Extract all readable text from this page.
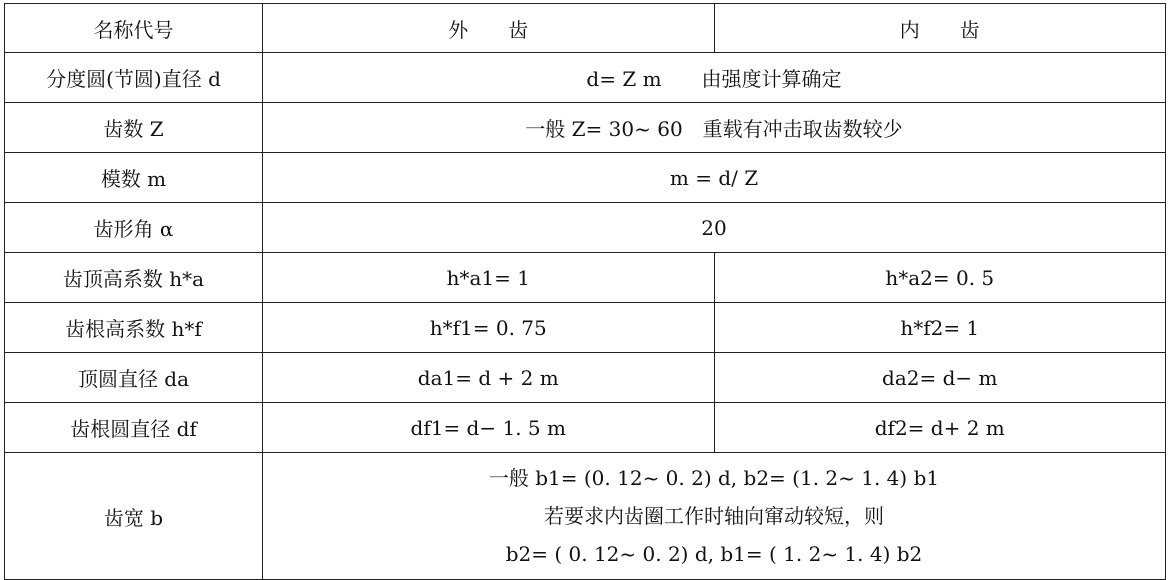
名称代号	外　　齿	内　　齿
分度圆(节圆)直径 d	d= Z m　　由强度计算确定	
齿数 Z	一般 Z= 30~ 60　重载有冲击取齿数较少	
模数 m	m = d/ Z	
齿形角 α	20	
齿顶高系数 h*a	h*a1= 1	h*a2= 0. 5
齿根高系数 h*f	h*f1= 0. 75	h*f2= 1
顶圆直径 da	da1= d + 2 m	da2= d− m
齿根圆直径 df	df1= d− 1. 5 m	df2= d+ 2 m
齿宽 b	一般 b1= (0. 12~ 0. 2) d, b2= (1. 2~ 1. 4) b1
若要求内齿圈工作时轴向窜动较短，则
b2= ( 0. 12~ 0. 2) d, b1= ( 1. 2~ 1. 4) b2	
